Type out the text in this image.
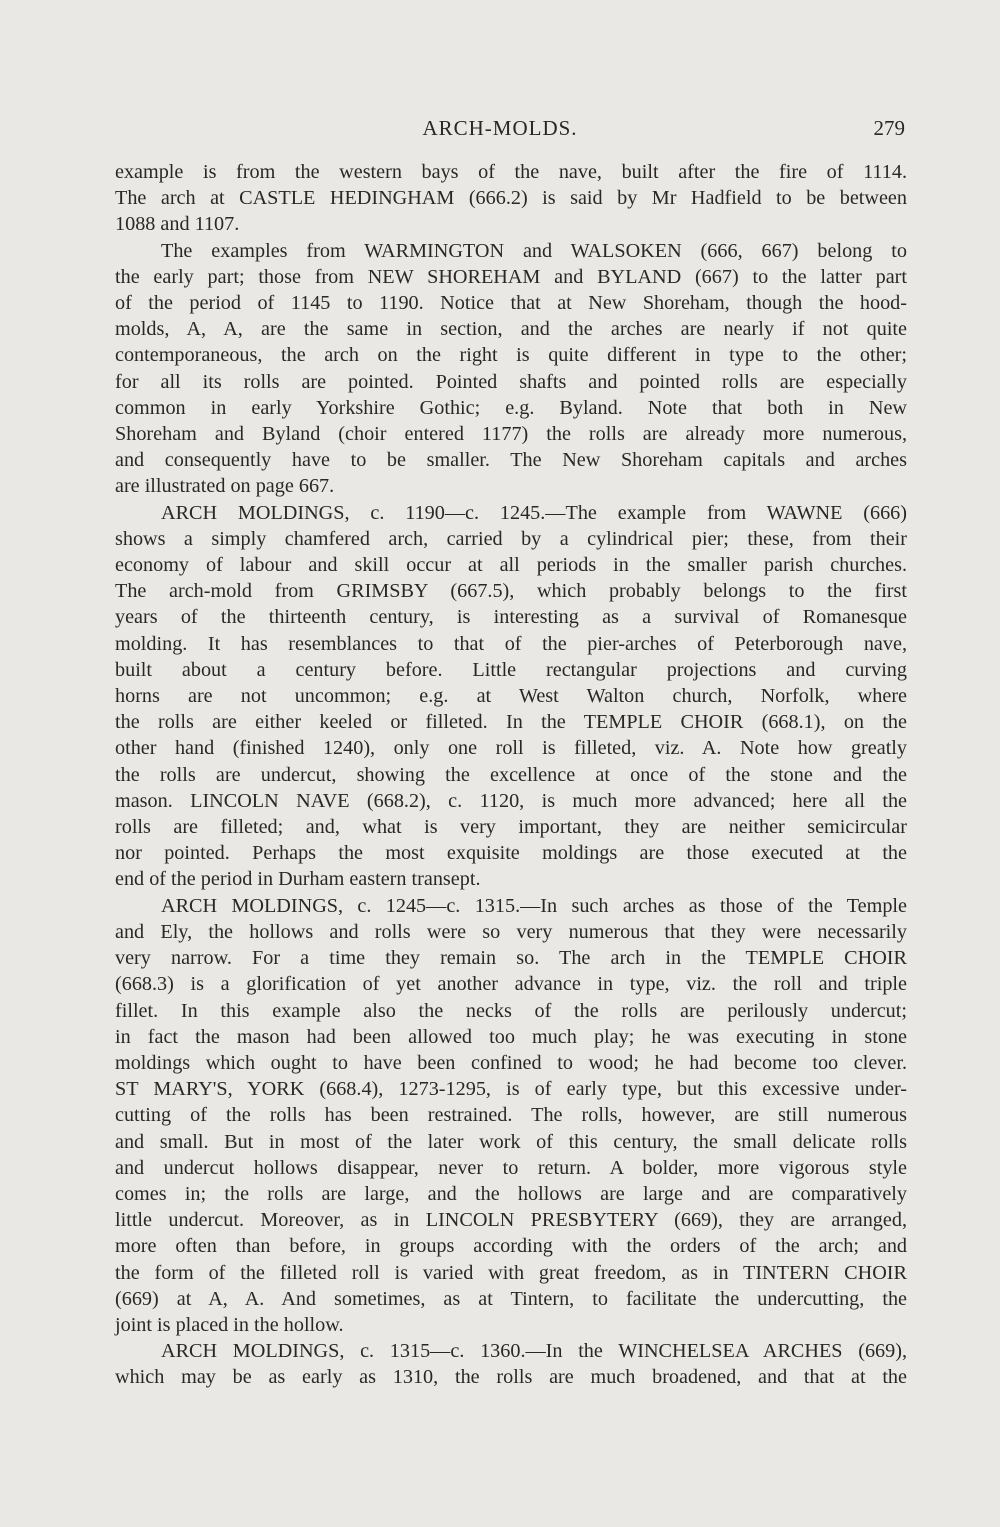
ARCH-MOLDS.	279
example is from the western bays of the nave, built after the fire of 1114.
The arch at CASTLE HEDINGHAM (666.2) is said by Mr Hadfield to be between
1088 and 1107.
The examples from WARMINGTON and WALSOKEN (666, 667) belong to
the early part; those from NEW SHOREHAM and BYLAND (667) to the latter part
of the period of 1145 to 1190. Notice that at New Shoreham, though the hood-
molds, A, A, are the same in section, and the arches are nearly if not quite
contemporaneous, the arch on the right is quite different in type to the other;
for all its rolls are pointed. Pointed shafts and pointed rolls are especially
common in early Yorkshire Gothic; e.g. Byland. Note that both in New
Shoreham and Byland (choir entered 1177) the rolls are already more numerous,
and consequently have to be smaller. The New Shoreham capitals and arches
are illustrated on page 667.
ARCH MOLDINGS, c. 1190—c. 1245.—The example from WAWNE (666)
shows a simply chamfered arch, carried by a cylindrical pier; these, from their
economy of labour and skill occur at all periods in the smaller parish churches.
The arch-mold from GRIMSBY (667.5), which probably belongs to the first
years of the thirteenth century, is interesting as a survival of Romanesque
molding. It has resemblances to that of the pier-arches of Peterborough nave,
built about a century before. Little rectangular projections and curving
horns are not uncommon; e.g. at West Walton church, Norfolk, where
the rolls are either keeled or filleted. In the TEMPLE CHOIR (668.1), on the
other hand (finished 1240), only one roll is filleted, viz. A. Note how greatly
the rolls are undercut, showing the excellence at once of the stone and the
mason. LINCOLN NAVE (668.2), c. 1120, is much more advanced; here all the
rolls are filleted; and, what is very important, they are neither semicircular
nor pointed. Perhaps the most exquisite moldings are those executed at the
end of the period in Durham eastern transept.
ARCH MOLDINGS, c. 1245—c. 1315.—In such arches as those of the Temple
and Ely, the hollows and rolls were so very numerous that they were necessarily
very narrow. For a time they remain so. The arch in the TEMPLE CHOIR
(668.3) is a glorification of yet another advance in type, viz. the roll and triple
fillet. In this example also the necks of the rolls are perilously undercut;
in fact the mason had been allowed too much play; he was executing in stone
moldings which ought to have been confined to wood; he had become too clever.
ST MARY'S, YORK (668.4), 1273-1295, is of early type, but this excessive under-
cutting of the rolls has been restrained. The rolls, however, are still numerous
and small. But in most of the later work of this century, the small delicate rolls
and undercut hollows disappear, never to return. A bolder, more vigorous style
comes in; the rolls are large, and the hollows are large and are comparatively
little undercut. Moreover, as in LINCOLN PRESBYTERY (669), they are arranged,
more often than before, in groups according with the orders of the arch; and
the form of the filleted roll is varied with great freedom, as in TINTERN CHOIR
(669) at A, A. And sometimes, as at Tintern, to facilitate the undercutting, the
joint is placed in the hollow.
ARCH MOLDINGS, c. 1315—c. 1360.—In the WINCHELSEA ARCHES (669),
which may be as early as 1310, the rolls are much broadened, and that at the
